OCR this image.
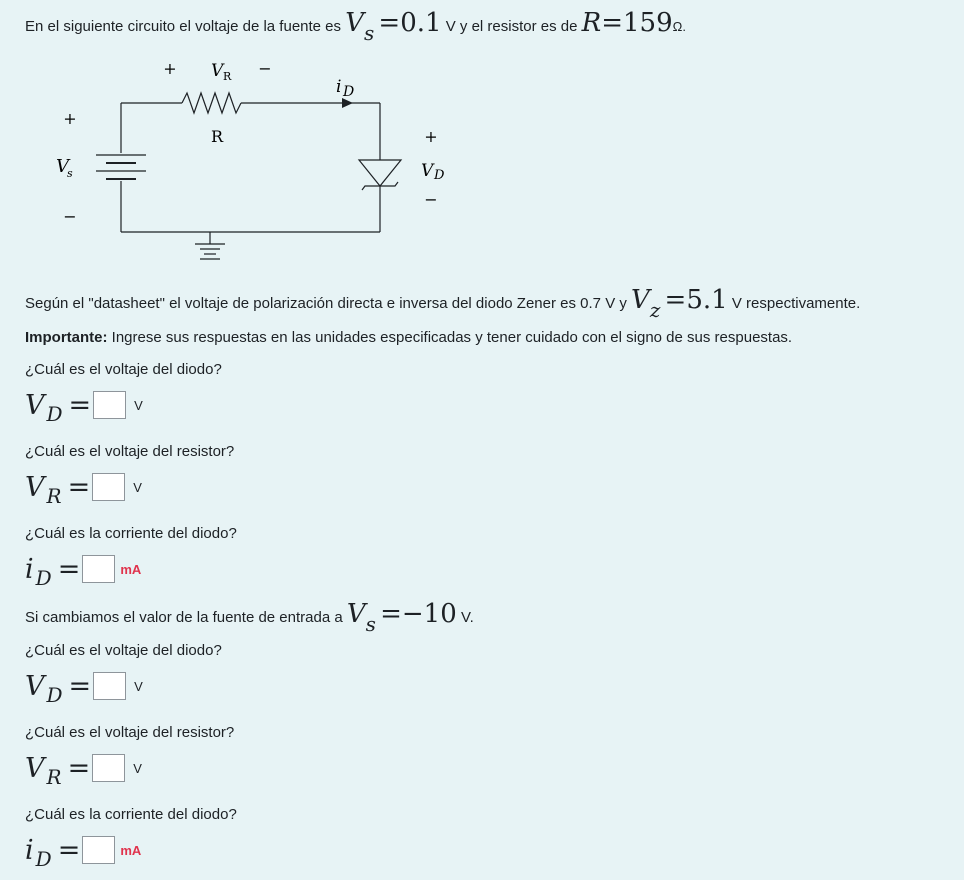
En el siguiente circuito el voltaje de la fuente es Vs =0.1 V y el resistor es de R=159Ω.
+	−
V R
R
i D
+
V
s
−
+
V D
−
Según el "datasheet" el voltaje de polarización directa e inversa del diodo Zener es 0.7 V y Vz =5.1 V respectivamente.
Importante: Ingrese sus respuestas en las unidades especificadas y tener cuidado con el signo de sus respuestas.
¿Cuál es el voltaje del diodo?
V D =	V
¿Cuál es el voltaje del resistor?
V R =	V
¿Cuál es la corriente del diodo?
i D =	mA
Si cambiamos el valor de la fuente de entrada a Vs =−10 V.
¿Cuál es el voltaje del diodo?
V D =	V
¿Cuál es el voltaje del resistor?
V R =	V
¿Cuál es la corriente del diodo?
i D =	mA
